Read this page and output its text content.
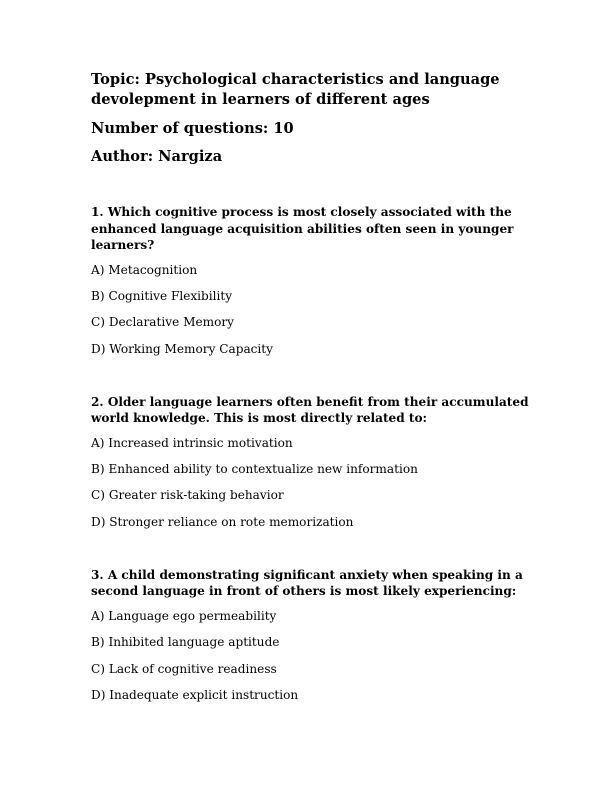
Topic: Psychological characteristics and language devolepment in learners of different ages

Number of questions: 10

Author: Nargiza

1. Which cognitive process is most closely associated with the enhanced language acquisition abilities often seen in younger learners?

A) Metacognition
B) Cognitive Flexibility
C) Declarative Memory
D) Working Memory Capacity

2. Older language learners often benefit from their accumulated world knowledge. This is most directly related to:

A) Increased intrinsic motivation
B) Enhanced ability to contextualize new information
C) Greater risk-taking behavior
D) Stronger reliance on rote memorization

3. A child demonstrating significant anxiety when speaking in a second language in front of others is most likely experiencing:

A) Language ego permeability
B) Inhibited language aptitude
C) Lack of cognitive readiness
D) Inadequate explicit instruction
